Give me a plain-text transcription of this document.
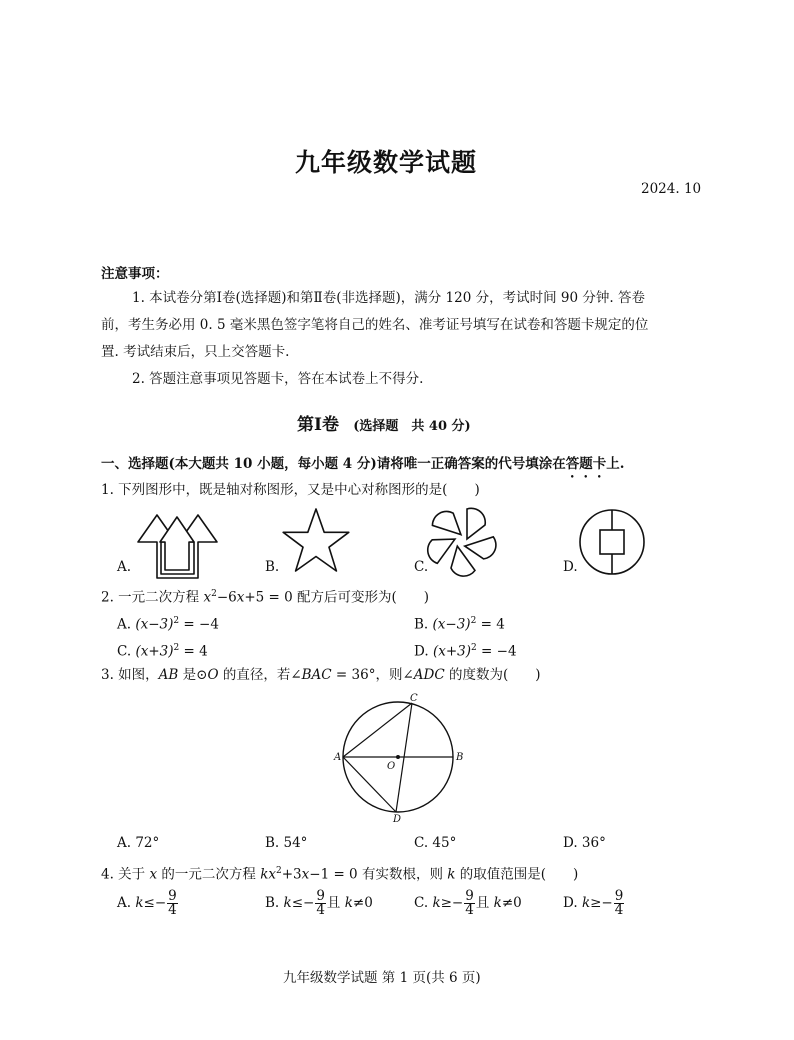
九年级数学试题
2024. 10
注意事项：
1. 本试卷分第Ⅰ卷(选择题)和第Ⅱ卷(非选择题)，满分 120 分，考试时间 90 分钟. 答卷
前，考生务必用 0. 5 毫米黑色签字笔将自己的姓名、准考证号填写在试卷和答题卡规定的位
置. 考试结束后，只上交答题卡.
2. 答题注意事项见答题卡，答在本试卷上不得分.
第Ⅰ卷 (选择题　共 40 分)
一、选择题(本大题共 10 小题，每小题 4 分)请将唯一正确答案的代号填涂在答题卡上.
1. 下列图形中，既是轴对称图形，又是中心对称图形的是(　　)
A.	B.	C.	D.
2. 一元二次方程 $x^2-6x+5 = 0$ 配方后可变形为(　　)
A. $(x-3)^2 = -4$	B. $(x-3)^2 = 4$
C. $(x+3)^2 = 4$	D. $(x+3)^2 = -4$
3. 如图，AB 是⊙O 的直径，若∠BAC = 36°，则∠ADC 的度数为(　　)
A	B
C
D
O
A. 72°	B. 54°	C. 45°	D. 36°
4. 关于 x 的一元二次方程 $kx^2+3x-1 = 0$ 有实数根，则 k 的取值范围是(　　)
A. $k\le- \frac{9}{4}$	B. $k\le- \frac{9}{4}$ 且 k≠0	C. $k\ge- \frac{9}{4}$ 且 k≠0	D. $k\ge- \frac{9}{4}$
九年级数学试题 第 1 页(共 6 页)
